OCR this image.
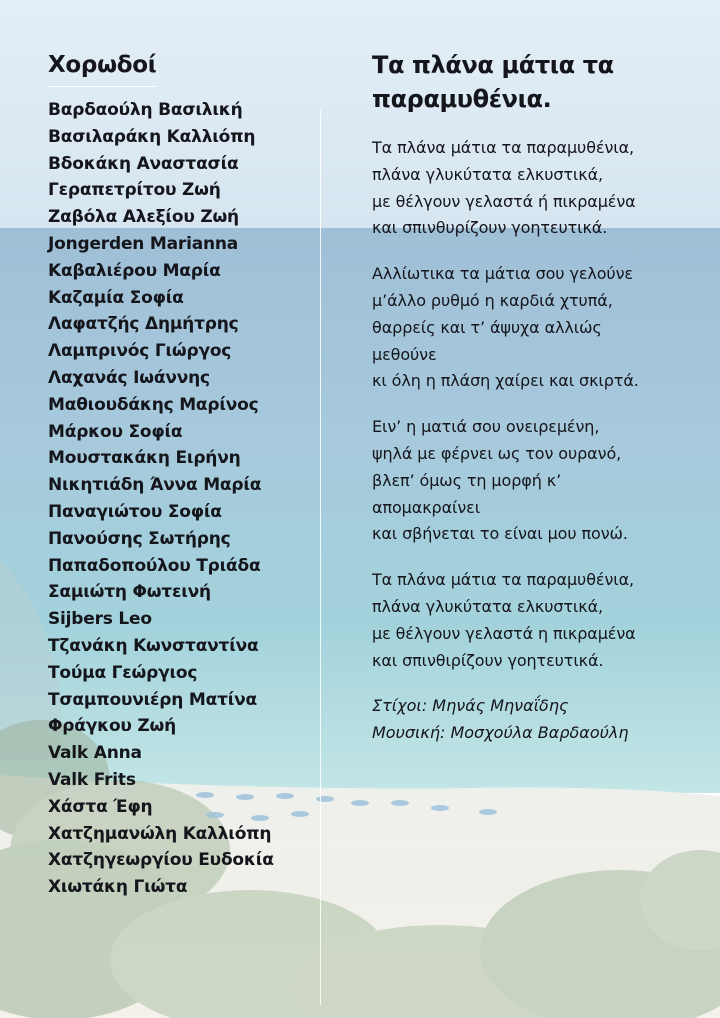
Χορωδοί
Βαρδαούλη Βασιλική
Βασιλαράκη Καλλιόπη
Βδοκάκη Αναστασία
Γεραπετρίτου Ζωή
Ζαβόλα Αλεξίου Ζωή
Jongerden Marianna
Καβαλιέρου Μαρία
Καζαμία Σοφία
Λαφατζής Δημήτρης
Λαμπρινός Γιώργος
Λαχανάς Ιωάννης
Μαθιουδάκης Μαρίνος
Μάρκου Σοφία
Μουστακάκη Ειρήνη
Νικητιάδη Άννα Μαρία
Παναγιώτου Σοφία
Πανούσης Σωτήρης
Παπαδοπούλου Τριάδα
Σαμιώτη Φωτεινή
Sijbers Leo
Τζανάκη Κωνσταντίνα
Τούμα Γεώργιος
Τσαμπουνιέρη Ματίνα
Φράγκου Ζωή
Valk Anna
Valk Frits
Χάστα Έφη
Χατζημανώλη Καλλιόπη
Χατζηγεωργίου Ευδοκία
Χιωτάκη Γιώτα
Τα πλάνα μάτια τα
παραμυθένια.
Τα πλάνα μάτια τα παραμυθένια,
πλάνα γλυκύτατα ελκυστικά,
με θέλγουν γελαστά ή πικραμένα
και σπινθυρίζουν γοητευτικά.
Αλλίωτικα τα μάτια σου γελούνε
μ’άλλο ρυθμό η καρδιά χτυπά,
θαρρείς και τ’ άψυχα αλλιώς
μεθούνε
κι όλη η πλάση χαίρει και σκιρτά.
Ειν’ η ματιά σου ονειρεμένη,
ψηλά με φέρνει ως τον ουρανό,
βλεπ’ όμως τη μορφή κ’
απομακραίνει
και σβήνεται το είναι μου πονώ.
Τα πλάνα μάτια τα παραμυθένια,
πλάνα γλυκύτατα ελκυστικά,
με θέλγουν γελαστά η πικραμένα
και σπινθιρίζουν γοητευτικά.
Στίχοι: Μηνάς Μηναΐδης
Μουσική: Μοσχούλα Βαρδαούλη
